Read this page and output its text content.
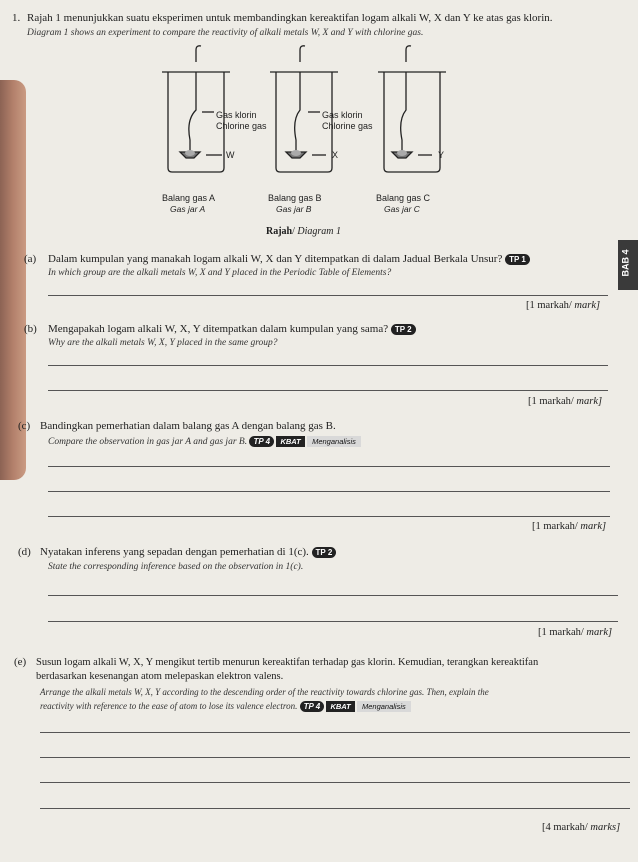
1. Rajah 1 menunjukkan suatu eksperimen untuk membandingkan kereaktifan logam alkali W, X dan Y ke atas gas klorin.
Diagram 1 shows an experiment to compare the reactivity of alkali metals W, X and Y with chlorine gas.
Gas klorin
Chlorine gas
W
Gas klorin
Chlorine gas
X	Y
Balang gas A
Gas jar A
Balang gas B
Gas jar B
Balang gas C
Gas jar C
Rajah/ Diagram 1
BAB 4
(a) Dalam kumpulan yang manakah logam alkali W, X dan Y ditempatkan di dalam Jadual Berkala Unsur? TP 1
In which group are the alkali metals W, X and Y placed in the Periodic Table of Elements?
[1 markah/ mark]
(b) Mengapakah logam alkali W, X, Y ditempatkan dalam kumpulan yang sama? TP 2
Why are the alkali metals W, X, Y placed in the same group?
[1 markah/ mark]
(c) Bandingkan pemerhatian dalam balang gas A dengan balang gas B.
Compare the observation in gas jar A and gas jar B. TP 4 KBAT Menganalisis
[1 markah/ mark]
(d) Nyatakan inferens yang sepadan dengan pemerhatian di 1(c). TP 2
State the corresponding inference based on the observation in 1(c).
[1 markah/ mark]
(e) Susun logam alkali W, X, Y mengikut tertib menurun kereaktifan terhadap gas klorin. Kemudian, terangkan kereaktifan
berdasarkan kesenangan atom melepaskan elektron valens.
Arrange the alkali metals W, X, Y according to the descending order of the reactivity towards chlorine gas. Then, explain the
reactivity with reference to the ease of atom to lose its valence electron. TP 4 KBAT Menganalisis
[4 markah/ marks]
